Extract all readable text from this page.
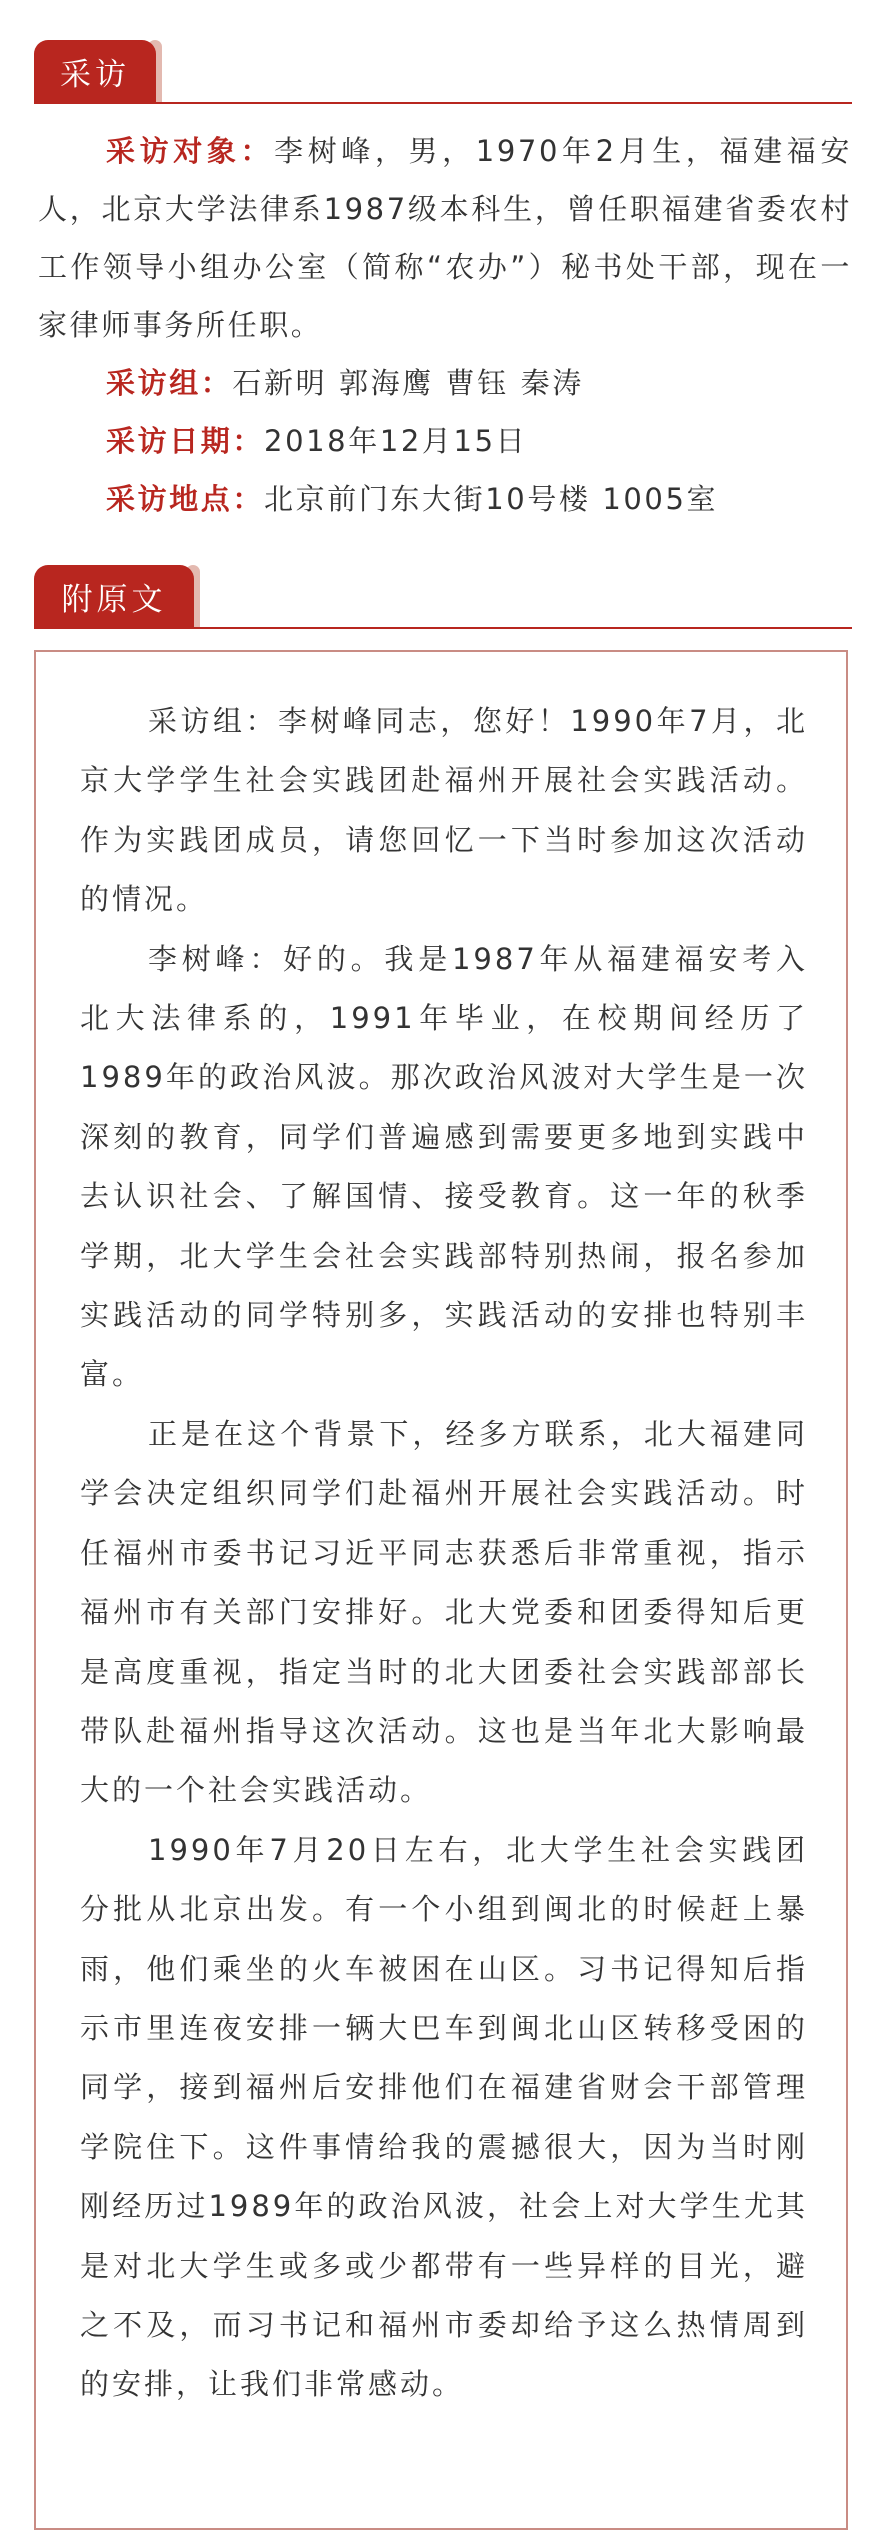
采访

采访对象：李树峰，男，1970年2月生，福建福安人，北京大学法律系1987级本科生，曾任职福建省委农村工作领导小组办公室（简称“农办”）秘书处干部，现在一家律师事务所任职。

采访组：石新明 郭海鹰 曹钰 秦涛

采访日期：2018年12月15日

采访地点：北京前门东大街10号楼 1005室

附原文

采访组：李树峰同志，您好！1990年7月，北京大学学生社会实践团赴福州开展社会实践活动。作为实践团成员，请您回忆一下当时参加这次活动的情况。

李树峰：好的。我是1987年从福建福安考入北大法律系的，1991年毕业，在校期间经历了1989年的政治风波。那次政治风波对大学生是一次深刻的教育，同学们普遍感到需要更多地到实践中去认识社会、了解国情、接受教育。这一年的秋季学期，北大学生会社会实践部特别热闹，报名参加实践活动的同学特别多，实践活动的安排也特别丰富。

正是在这个背景下，经多方联系，北大福建同学会决定组织同学们赴福州开展社会实践活动。时任福州市委书记习近平同志获悉后非常重视，指示福州市有关部门安排好。北大党委和团委得知后更是高度重视，指定当时的北大团委社会实践部部长带队赴福州指导这次活动。这也是当年北大影响最大的一个社会实践活动。

1990年7月20日左右，北大学生社会实践团分批从北京出发。有一个小组到闽北的时候赶上暴雨，他们乘坐的火车被困在山区。习书记得知后指示市里连夜安排一辆大巴车到闽北山区转移受困的同学，接到福州后安排他们在福建省财会干部管理学院住下。这件事情给我的震撼很大，因为当时刚刚经历过1989年的政治风波，社会上对大学生尤其是对北大学生或多或少都带有一些异样的目光，避之不及，而习书记和福州市委却给予这么热情周到的安排，让我们非常感动。
